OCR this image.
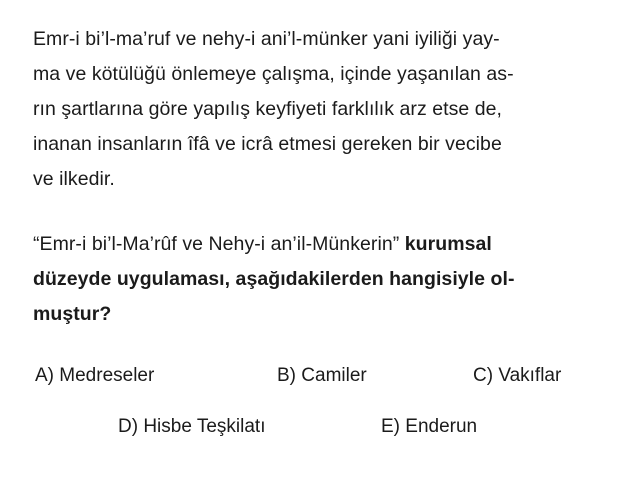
Emr-i bi’l-ma’ruf ve nehy-i ani’l-münker yani iyiliği yay-
ma ve kötülüğü önlemeye çalışma, içinde yaşanılan as-
rın şartlarına göre yapılış keyfiyeti farklılık arz etse de,
inanan insanların îfâ ve icrâ etmesi gereken bir vecibe
ve ilkedir.
“Emr-i bi’l-Ma’rûf ve Nehy-i an’il-Münkerin” kurumsal
düzeyde uygulaması, aşağıdakilerden hangisiyle ol-
muştur?
A) Medreseler	B) Camiler	C) Vakıflar
D) Hisbe Teşkilatı	E) Enderun
